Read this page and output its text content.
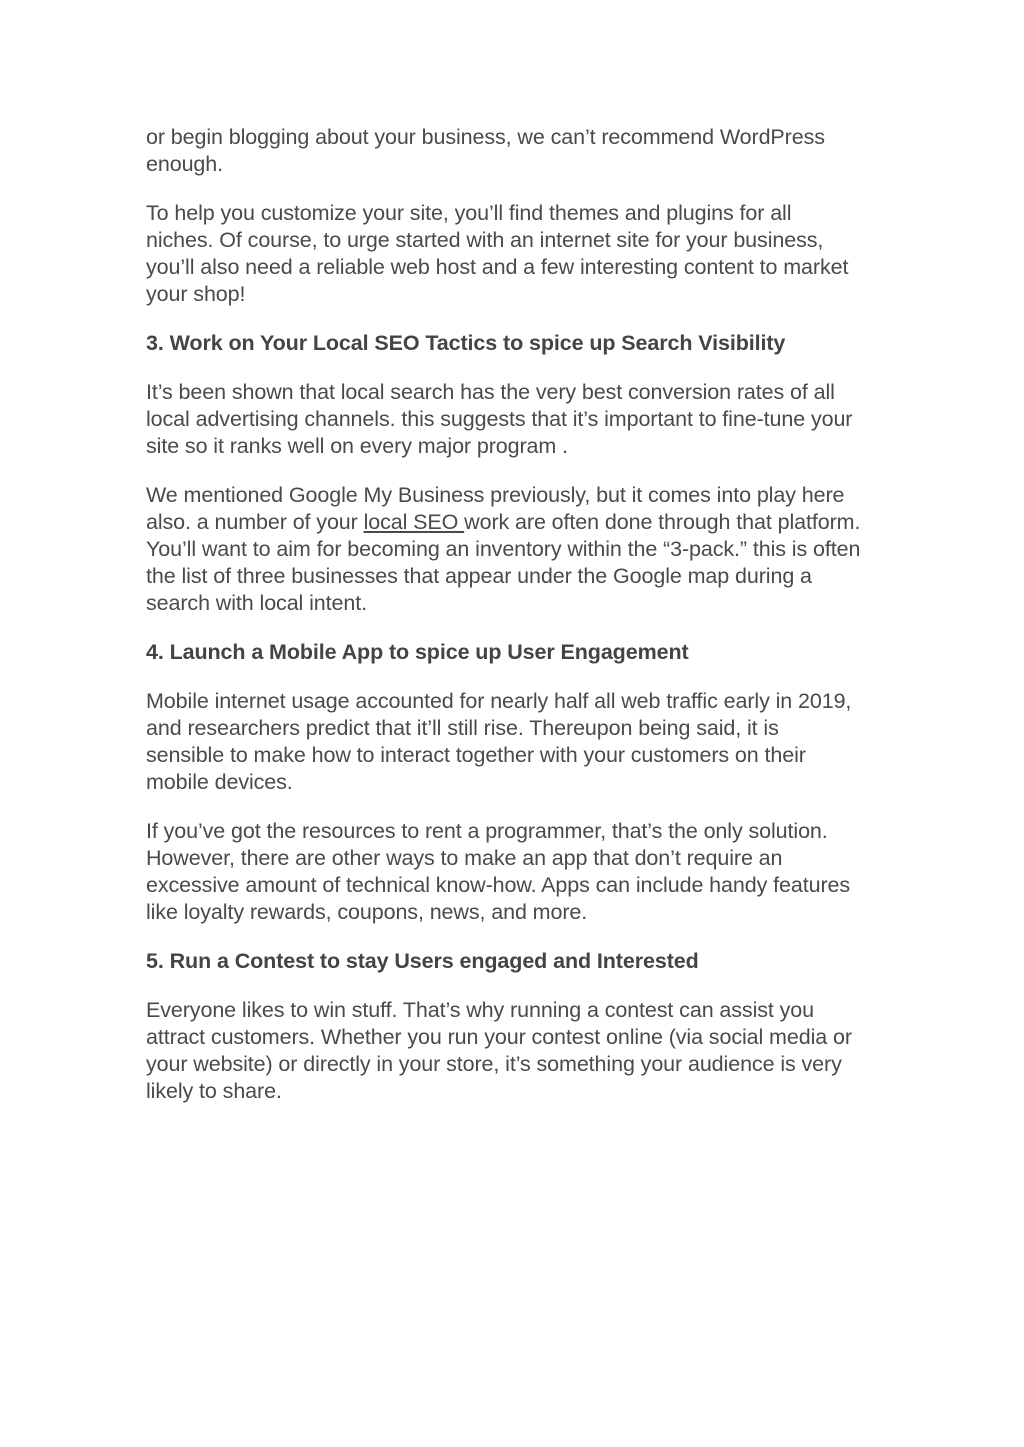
or begin blogging about your business, we can’t recommend WordPress
enough.

To help you customize your site, you’ll find themes and plugins for all
niches. Of course, to urge started with an internet site for your business,
you’ll also need a reliable web host and a few interesting content to market
your shop!

3. Work on Your Local SEO Tactics to spice up Search Visibility

It’s been shown that local search has the very best conversion rates of all
local advertising channels. this suggests that it’s important to fine-tune your
site so it ranks well on every major program .

We mentioned Google My Business previously, but it comes into play here
also. a number of your local SEO work are often done through that platform.
You’ll want to aim for becoming an inventory within the “3-pack.” this is often
the list of three businesses that appear under the Google map during a
search with local intent.

4. Launch a Mobile App to spice up User Engagement

Mobile internet usage accounted for nearly half all web traffic early in 2019,
and researchers predict that it’ll still rise. Thereupon being said, it is
sensible to make how to interact together with your customers on their
mobile devices.

If you’ve got the resources to rent a programmer, that’s the only solution.
However, there are other ways to make an app that don’t require an
excessive amount of technical know-how. Apps can include handy features
like loyalty rewards, coupons, news, and more.

5. Run a Contest to stay Users engaged and Interested

Everyone likes to win stuff. That’s why running a contest can assist you
attract customers. Whether you run your contest online (via social media or
your website) or directly in your store, it’s something your audience is very
likely to share.
